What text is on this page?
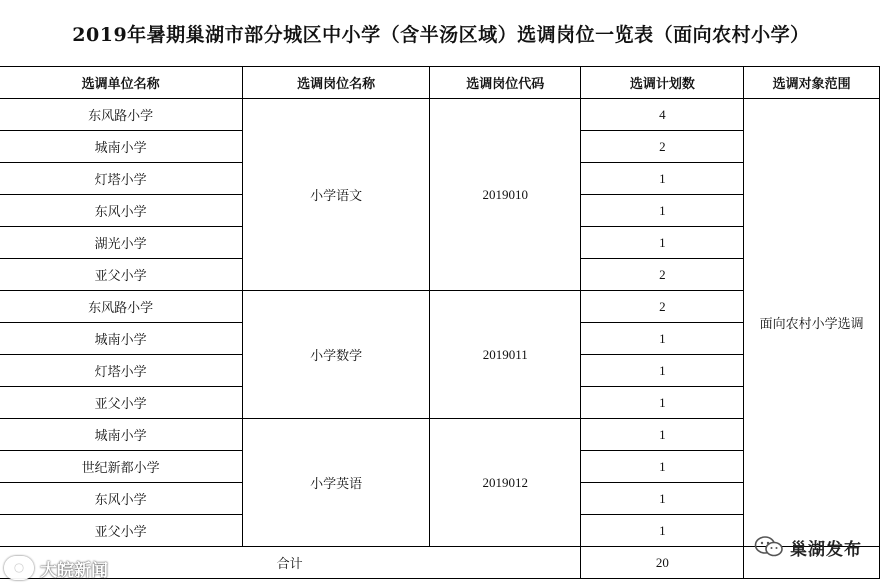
2019年暑期巢湖市部分城区中小学（含半汤区域）选调岗位一览表（面向农村小学）
选调单位名称	选调岗位名称	选调岗位代码	选调计划数	选调对象范围
东风路小学	小学语文	2019010	4	面向农村小学选调
城南小学			2	
灯塔小学			1	
东风小学			1	
湖光小学			1	
亚父小学			2	
东风路小学	小学数学	2019011	2	
城南小学			1	
灯塔小学			1	
亚父小学			1	
城南小学	小学英语	2019012	1	
世纪新都小学			1	
东风小学			1	
亚父小学			1	
合计			20	
大皖新闻
巢湖发布
